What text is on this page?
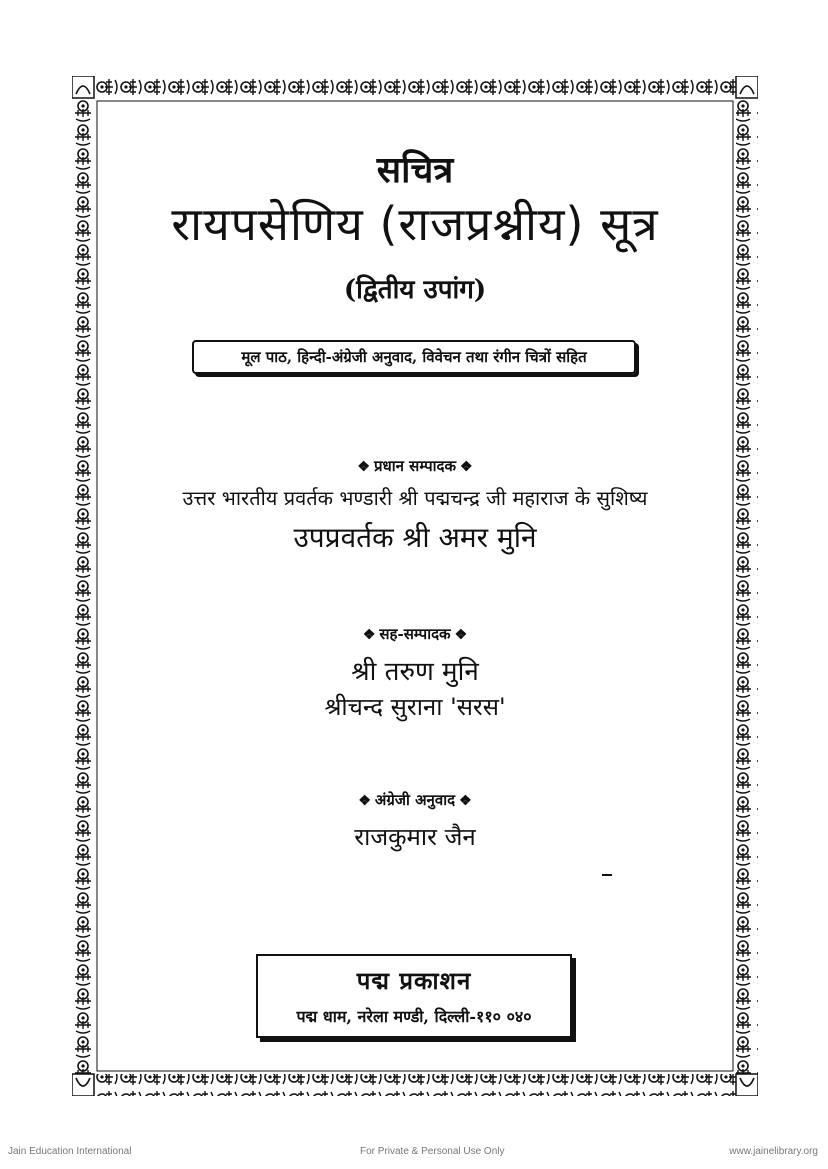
सचित्र
रायपसेणिय (राजप्रश्नीय) सूत्र
(द्वितीय उपांग)
मूल पाठ, हिन्दी-अंग्रेजी अनुवाद, विवेचन तथा रंगीन चित्रों सहित
❖ प्रधान सम्पादक ❖
उत्तर भारतीय प्रवर्तक भण्डारी श्री पद्मचन्द्र जी महाराज के सुशिष्य
उपप्रवर्तक श्री अमर मुनि
❖ सह-सम्पादक ❖
श्री तरुण मुनि
श्रीचन्द सुराना 'सरस'
❖ अंग्रेजी अनुवाद ❖
राजकुमार जैन
पद्म प्रकाशन
पद्म धाम, नरेला मण्डी, दिल्ली-११० ०४०
Jain Education International	For Private & Personal Use Only	www.jainelibrary.org
